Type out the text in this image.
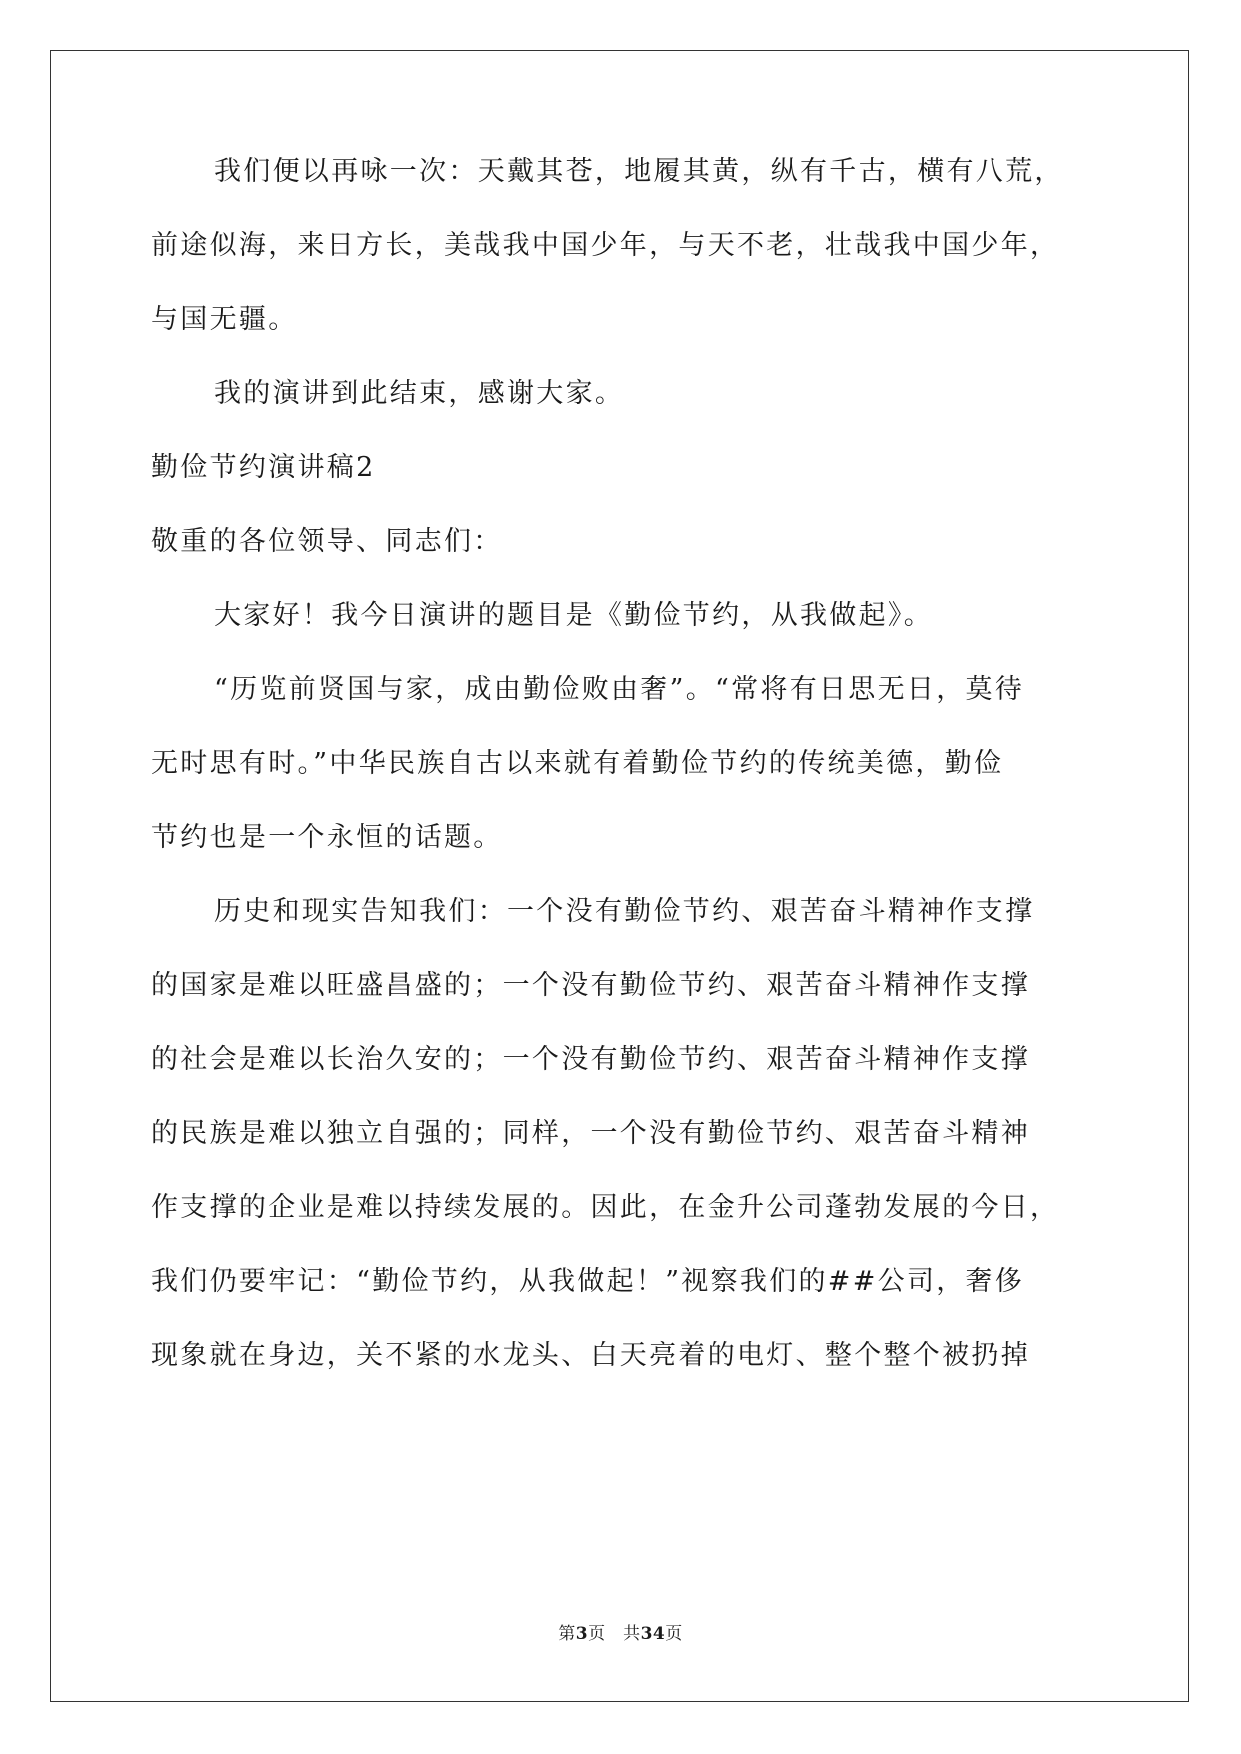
我们便以再咏一次：天戴其苍，地履其黄，纵有千古，横有八荒，
前途似海，来日方长，美哉我中国少年，与天不老，壮哉我中国少年，
与国无疆。
我的演讲到此结束，感谢大家。
勤俭节约演讲稿2
敬重的各位领导、同志们：
大家好！我今日演讲的题目是《勤俭节约，从我做起》。
“历览前贤国与家，成由勤俭败由奢”。“常将有日思无日，莫待
无时思有时。”中华民族自古以来就有着勤俭节约的传统美德，勤俭
节约也是一个永恒的话题。
历史和现实告知我们：一个没有勤俭节约、艰苦奋斗精神作支撑
的国家是难以旺盛昌盛的；一个没有勤俭节约、艰苦奋斗精神作支撑
的社会是难以长治久安的；一个没有勤俭节约、艰苦奋斗精神作支撑
的民族是难以独立自强的；同样，一个没有勤俭节约、艰苦奋斗精神
作支撑的企业是难以持续发展的。因此，在金升公司蓬勃发展的今日，
我们仍要牢记：“勤俭节约，从我做起！”视察我们的##公司，奢侈
现象就在身边，关不紧的水龙头、白天亮着的电灯、整个整个被扔掉
第3页　共34页
